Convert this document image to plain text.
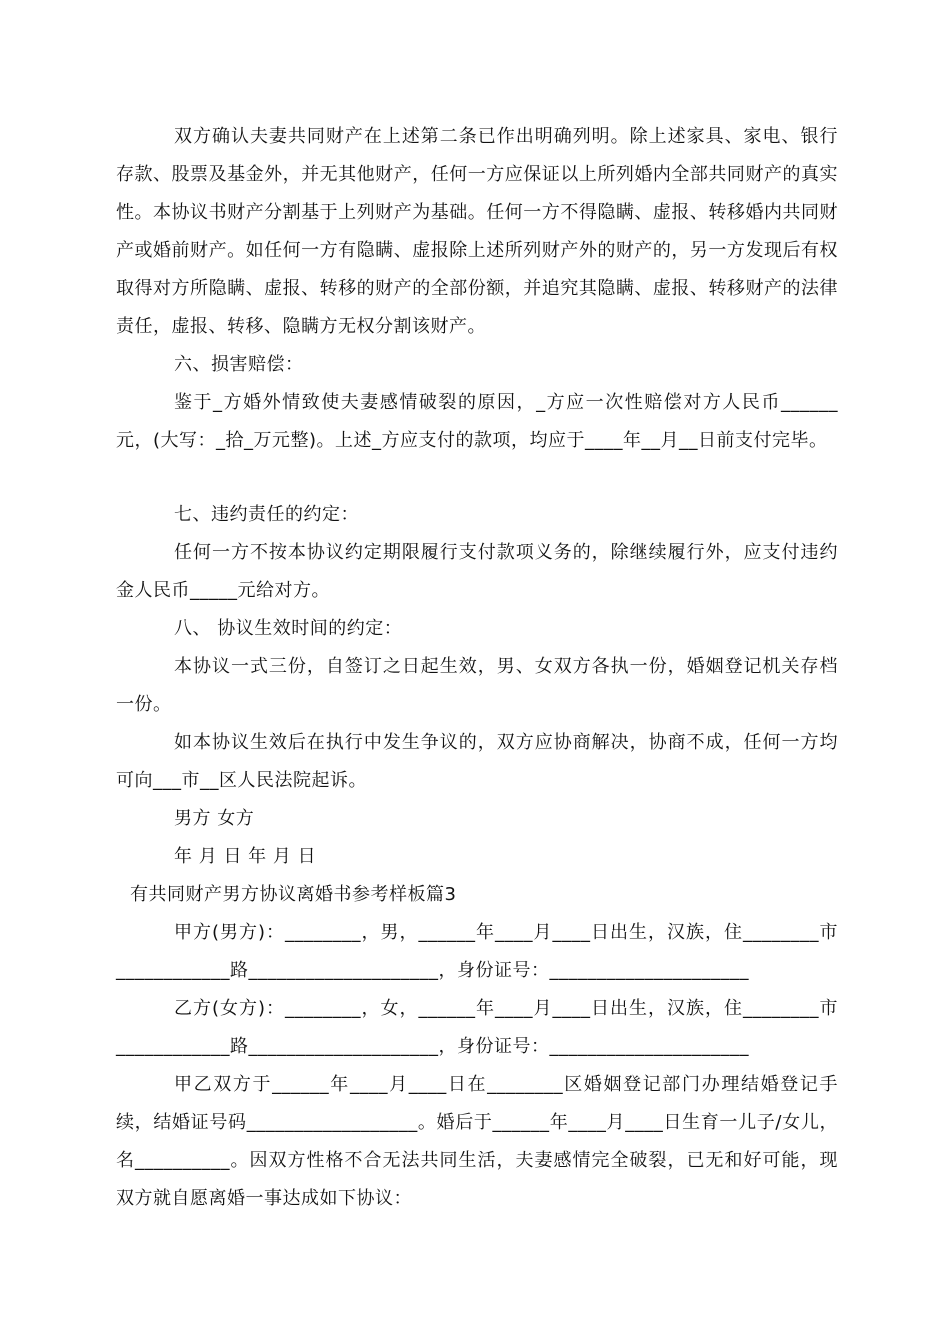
双方确认夫妻共同财产在上述第二条已作出明确列明。除上述家具、家电、银行存款、股票及基金外，并无其他财产，任何一方应保证以上所列婚内全部共同财产的真实性。本协议书财产分割基于上列财产为基础。任何一方不得隐瞒、虚报、转移婚内共同财产或婚前财产。如任何一方有隐瞒、虚报除上述所列财产外的财产的，另一方发现后有权取得对方所隐瞒、虚报、转移的财产的全部份额，并追究其隐瞒、虚报、转移财产的法律责任，虚报、转移、隐瞒方无权分割该财产。

六、损害赔偿：

鉴于_方婚外情致使夫妻感情破裂的原因，_方应一次性赔偿对方人民币______元，(大写：_拾_万元整)。上述_方应支付的款项，均应于____年__月__日前支付完毕。

七、违约责任的约定：

任何一方不按本协议约定期限履行支付款项义务的，除继续履行外，应支付违约金人民币_____元给对方。

八、 协议生效时间的约定：

本协议一式三份，自签订之日起生效，男、女双方各执一份，婚姻登记机关存档一份。

如本协议生效后在执行中发生争议的，双方应协商解决，协商不成，任何一方均可向___市__区人民法院起诉。

男方 女方

年 月 日 年 月 日

有共同财产男方协议离婚书参考样板篇3

甲方(男方)：________，男，______年____月____日出生，汉族，住________市____________路____________________，身份证号：_____________________

乙方(女方)：________，女，______年____月____日出生，汉族，住________市____________路____________________，身份证号：_____________________

甲乙双方于______年____月____日在________区婚姻登记部门办理结婚登记手续，结婚证号码__________________。婚后于______年____月____日生育一儿子/女儿，名__________。因双方性格不合无法共同生活，夫妻感情完全破裂，已无和好可能，现双方就自愿离婚一事达成如下协议：
